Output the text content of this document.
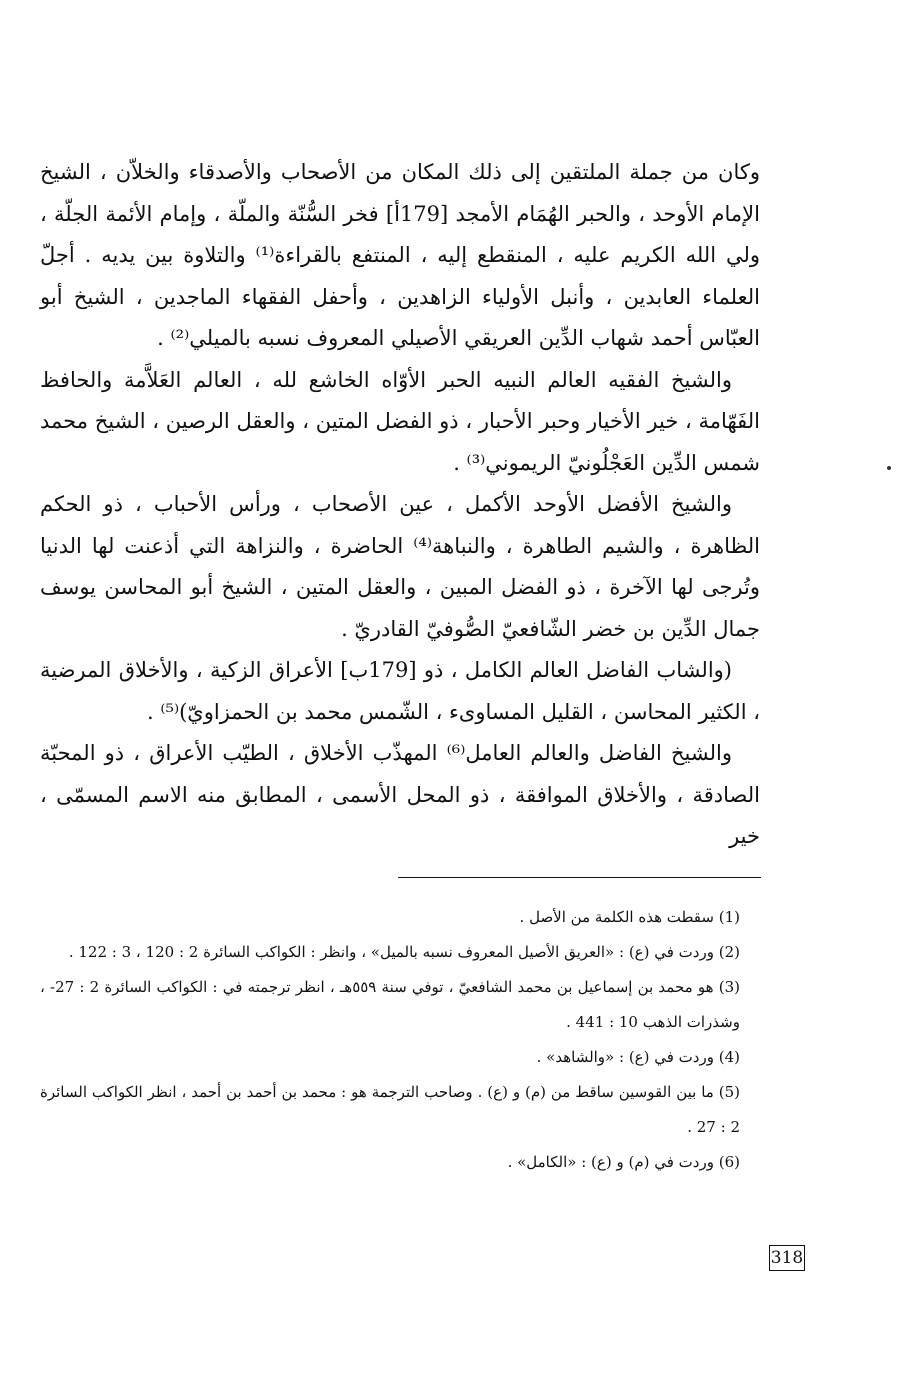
وكان من جملة الملتقين إلى ذلك المكان من الأصحاب والأصدقاء والخلاّن ، الشيخ الإمام الأوحد ، والحبر الهُمَام الأمجد [179أ] فخر السُّنّة والملّة ، وإمام الأئمة الجلّة ، ولي الله الكريم عليه ، المنقطع إليه ، المنتفع بالقراءة⁽¹⁾ والتلاوة بين يديه . أجلّ العلماء العابدين ، وأنبل الأولياء الزاهدين ، وأحفل الفقهاء الماجدين ، الشيخ أبو العبّاس أحمد شهاب الدِّين العريقي الأصيلي المعروف نسبه بالميلي⁽²⁾ .

والشيخ الفقيه العالم النبيه الحبر الأوّاه الخاشع لله ، العالم العَلاَّمة والحافظ الفَهّامة ، خير الأخيار وحبر الأحبار ، ذو الفضل المتين ، والعقل الرصين ، الشيخ محمد شمس الدِّين العَجْلُونيّ الريموني⁽³⁾ .

والشيخ الأفضل الأوحد الأكمل ، عين الأصحاب ، ورأس الأحباب ، ذو الحكم الظاهرة ، والشيم الطاهرة ، والنباهة⁽⁴⁾ الحاضرة ، والنزاهة التي أذعنت لها الدنيا وتُرجى لها الآخرة ، ذو الفضل المبين ، والعقل المتين ، الشيخ أبو المحاسن يوسف جمال الدِّين بن خضر الشّافعيّ الصُّوفيّ القادريّ .

(والشاب الفاضل العالم الكامل ، ذو [179ب] الأعراق الزكية ، والأخلاق المرضية ، الكثير المحاسن ، القليل المساوىء ، الشّمس محمد بن الحمزاويّ)⁽⁵⁾ .

والشيخ الفاضل والعالم العامل⁽⁶⁾ المهذّب الأخلاق ، الطيّب الأعراق ، ذو المحبّة الصادقة ، والأخلاق الموافقة ، ذو المحل الأسمى ، المطابق منه الاسم المسمّى ، خير

(1) سقطت هذه الكلمة من الأصل .

(2) وردت في (ع) : «العريق الأصيل المعروف نسبه بالميل» ، وانظر : الكواكب السائرة 2 : 120 ، 3 : 122 .

(3) هو محمد بن إسماعيل بن محمد الشافعيّ ، توفي سنة ٥٥٩هـ ، انظر ترجمته في : الكواكب السائرة 2 : 27- ، وشذرات الذهب 10 : 441 .

(4) وردت في (ع) : «والشاهد» .

(5) ما بين القوسين ساقط من (م) و (ع) . وصاحب الترجمة هو : محمد بن أحمد بن أحمد ، انظر الكواكب السائرة 2 : 27 .

(6) وردت في (م) و (ع) : «الكامل» .

318
